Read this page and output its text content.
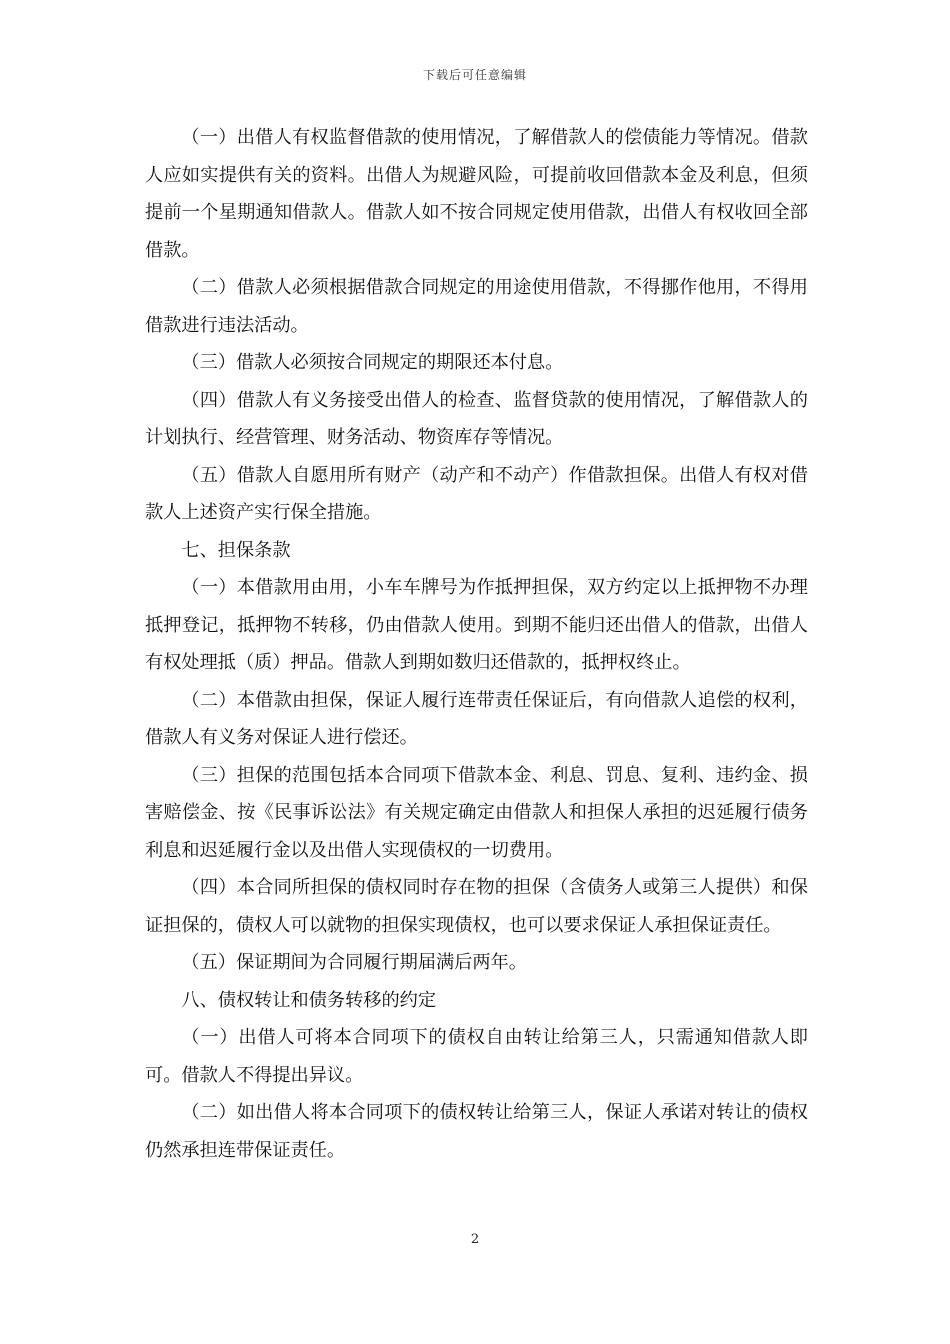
下载后可任意编辑

（一）出借人有权监督借款的使用情况，了解借款人的偿债能力等情况。借款人应如实提供有关的资料。出借人为规避风险，可提前收回借款本金及利息，但须提前一个星期通知借款人。借款人如不按合同规定使用借款，出借人有权收回全部借款。

（二）借款人必须根据借款合同规定的用途使用借款，不得挪作他用，不得用借款进行违法活动。

（三）借款人必须按合同规定的期限还本付息。

（四）借款人有义务接受出借人的检查、监督贷款的使用情况，了解借款人的计划执行、经营管理、财务活动、物资库存等情况。

（五）借款人自愿用所有财产（动产和不动产）作借款担保。出借人有权对借款人上述资产实行保全措施。

七、担保条款

（一）本借款用由用，小车车牌号为作抵押担保，双方约定以上抵押物不办理抵押登记，抵押物不转移，仍由借款人使用。到期不能归还出借人的借款，出借人有权处理抵（质）押品。借款人到期如数归还借款的，抵押权终止。

（二）本借款由担保，保证人履行连带责任保证后，有向借款人追偿的权利，借款人有义务对保证人进行偿还。

（三）担保的范围包括本合同项下借款本金、利息、罚息、复利、违约金、损害赔偿金、按《民事诉讼法》有关规定确定由借款人和担保人承担的迟延履行债务利息和迟延履行金以及出借人实现债权的一切费用。

（四）本合同所担保的债权同时存在物的担保（含债务人或第三人提供）和保证担保的，债权人可以就物的担保实现债权，也可以要求保证人承担保证责任。

（五）保证期间为合同履行期届满后两年。

八、债权转让和债务转移的约定

（一）出借人可将本合同项下的债权自由转让给第三人，只需通知借款人即可。借款人不得提出异议。

（二）如出借人将本合同项下的债权转让给第三人，保证人承诺对转让的债权仍然承担连带保证责任。

2
